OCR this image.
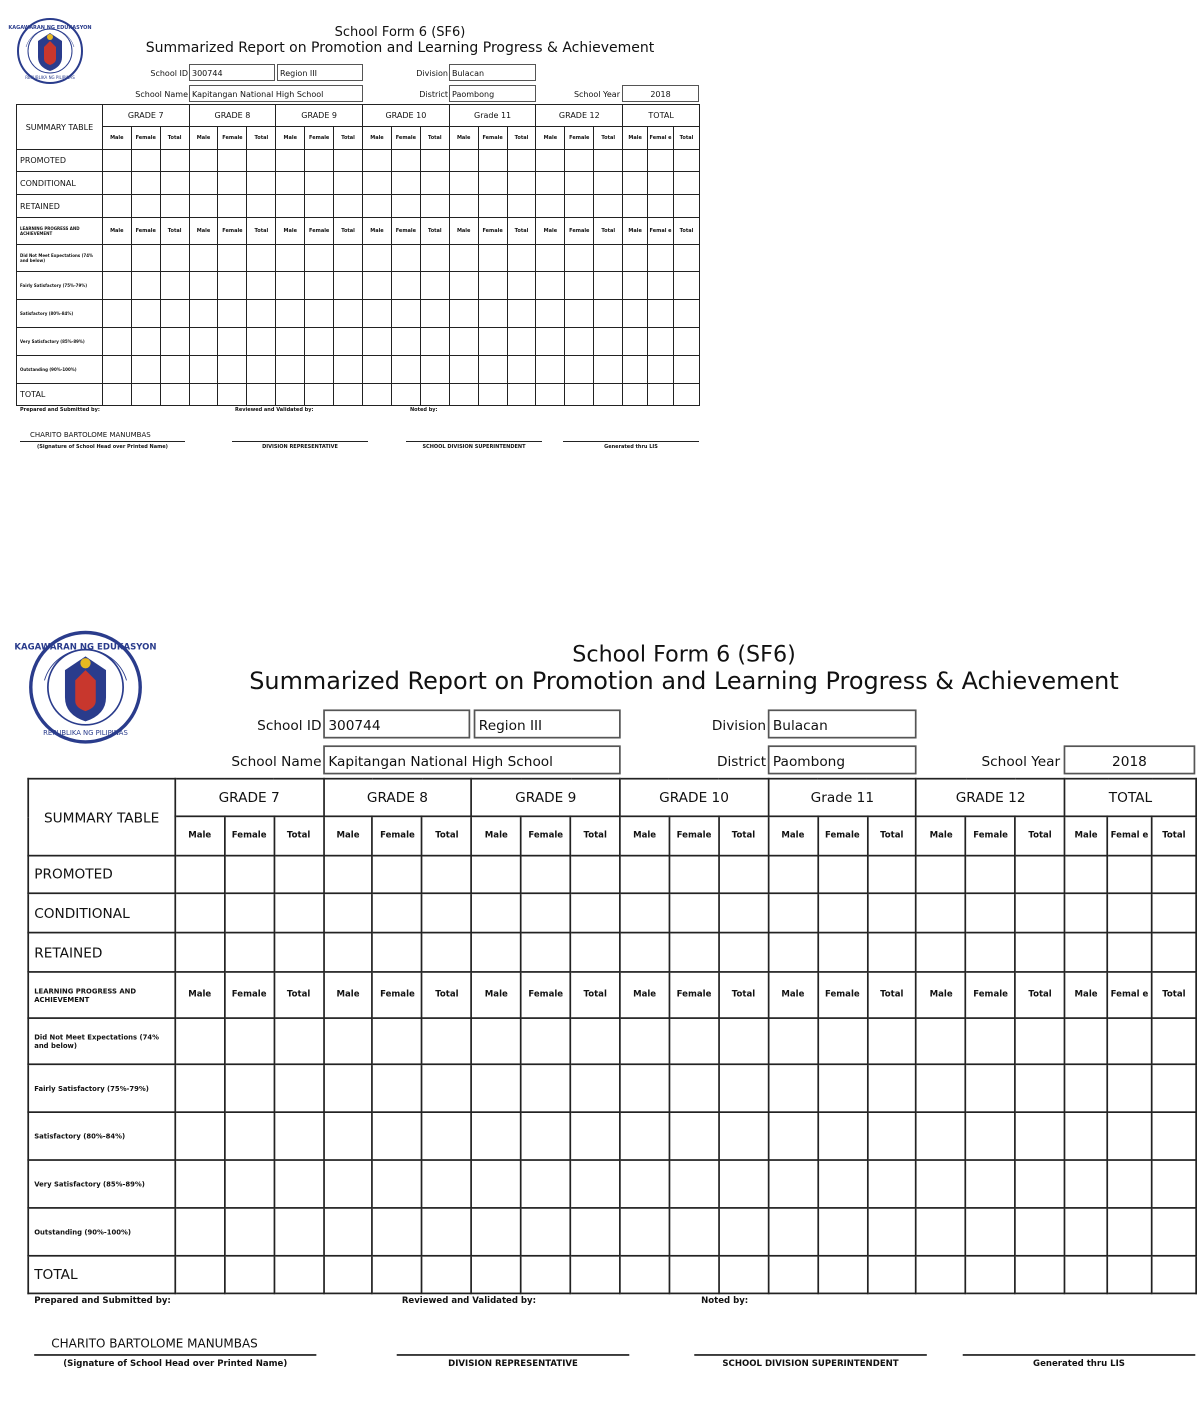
KAGAWARAN NG EDUKASYON
REPUBLIKA NG PILIPINAS
School Form 6 (SF6)
Summarized Report on Promotion and Learning Progress & Achievement
School ID 300744	Region III	Division Bulacan
School Name Kapitangan National High School	District Paombong	School Year	2018
SUMMARY TABLE	GRADE 7			GRADE 8			GRADE 9			GRADE 10			Grade 11			GRADE 12			TOTAL		
	Male	Female	Total	Male	Female	Total	Male	Female	Total	Male	Female	Total	Male	Female	Total	Male	Female	Total	Male	Femal e	Total
PROMOTED																					
CONDITIONAL																					
RETAINED																					
LEARNING PROGRESS AND ACHIEVEMENT	Male	Female	Total	Male	Female	Total	Male	Female	Total	Male	Female	Total	Male	Female	Total	Male	Female	Total	Male	Femal e	Total
Did Not Meet Expectations (74% and below)																					
Fairly Satisfactory (75%-79%)																					
Satisfactory (80%-84%)																					
Very Satisfactory (85%-89%)																					
Outstanding (90%-100%)																					
TOTAL																					
Prepared and Submitted by:	Reviewed and Validated by:	Noted by:
CHARITO BARTOLOME MANUMBAS
(Signature of School Head over Printed Name)	DIVISION REPRESENTATIVE	SCHOOL DIVISION SUPERINTENDENT	Generated thru LIS
KAGAWARAN NG EDUKASYON
REPUBLIKA NG PILIPINAS
School Form 6 (SF6)
Summarized Report on Promotion and Learning Progress & Achievement
School ID 300744	Region III	Division Bulacan
School Name Kapitangan National High School	District Paombong	School Year	2018
SUMMARY TABLE	GRADE 7			GRADE 8			GRADE 9			GRADE 10			Grade 11			GRADE 12			TOTAL		
	Male	Female	Total	Male	Female	Total	Male	Female	Total	Male	Female	Total	Male	Female	Total	Male	Female	Total	Male	Femal e	Total
PROMOTED																					
CONDITIONAL																					
RETAINED																					
LEARNING PROGRESS AND ACHIEVEMENT	Male	Female	Total	Male	Female	Total	Male	Female	Total	Male	Female	Total	Male	Female	Total	Male	Female	Total	Male	Femal e	Total
Did Not Meet Expectations (74% and below)																					
Fairly Satisfactory (75%-79%)																					
Satisfactory (80%-84%)																					
Very Satisfactory (85%-89%)																					
Outstanding (90%-100%)																					
TOTAL																					
Prepared and Submitted by:	Reviewed and Validated by:	Noted by:
CHARITO BARTOLOME MANUMBAS
(Signature of School Head over Printed Name)	DIVISION REPRESENTATIVE	SCHOOL DIVISION SUPERINTENDENT	Generated thru LIS
